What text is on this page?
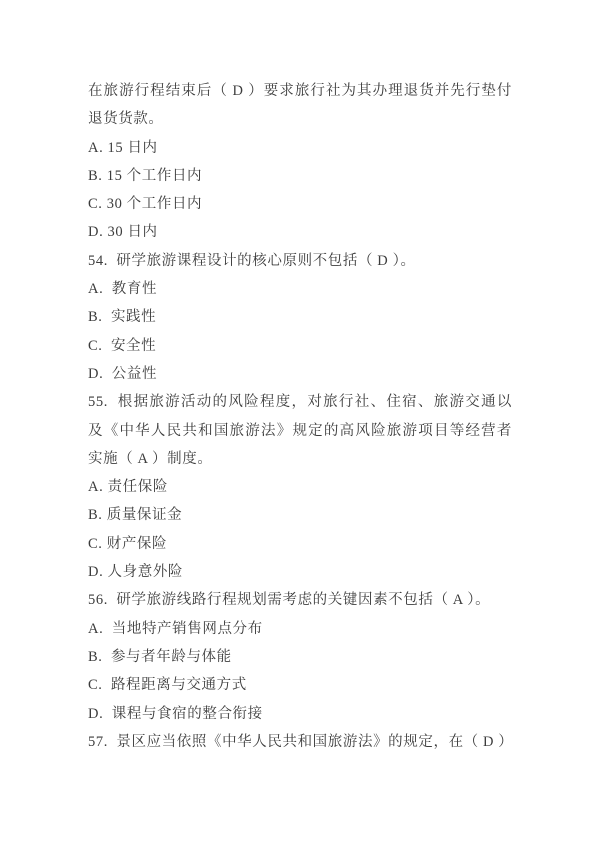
在旅游行程结束后（ D ）要求旅行社为其办理退货并先行垫付
退货货款。
A. 15 日内
B. 15 个工作日内
C. 30 个工作日内
D. 30 日内
54.  研学旅游课程设计的核心原则不包括（ D ）。
A.  教育性
B.  实践性
C.  安全性
D.  公益性
55.  根据旅游活动的风险程度，对旅行社、住宿、旅游交通以
及《中华人民共和国旅游法》规定的高风险旅游项目等经营者
实施（ A ）制度。
A. 责任保险
B. 质量保证金
C. 财产保险
D. 人身意外险
56.  研学旅游线路行程规划需考虑的关键因素不包括（ A ）。
A.  当地特产销售网点分布
B.  参与者年龄与体能
C.  路程距离与交通方式
D.  课程与食宿的整合衔接
57.  景区应当依照《中华人民共和国旅游法》的规定，在（ D ）
